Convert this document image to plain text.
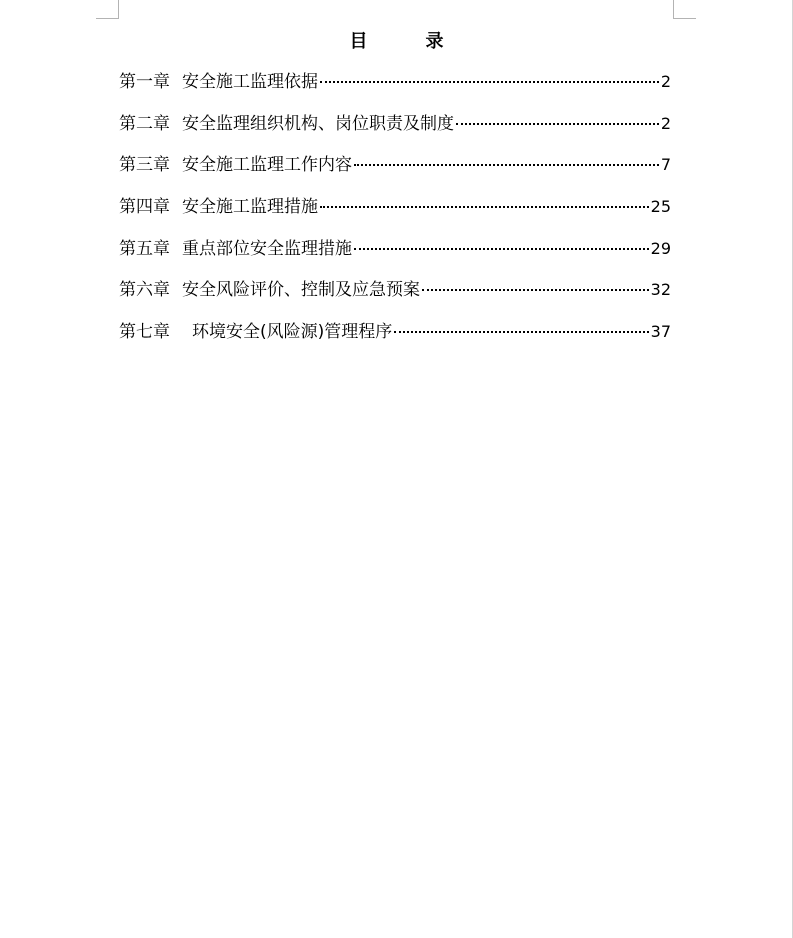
目	录
第一章 安全施工监理依据	2
第二章 安全监理组织机构、岗位职责及制度	2
第三章 安全施工监理工作内容	7
第四章 安全施工监理措施	25
第五章 重点部位安全监理措施	29
第六章 安全风险评价、控制及应急预案	32
第七章 环境安全(风险源)管理程序	37
